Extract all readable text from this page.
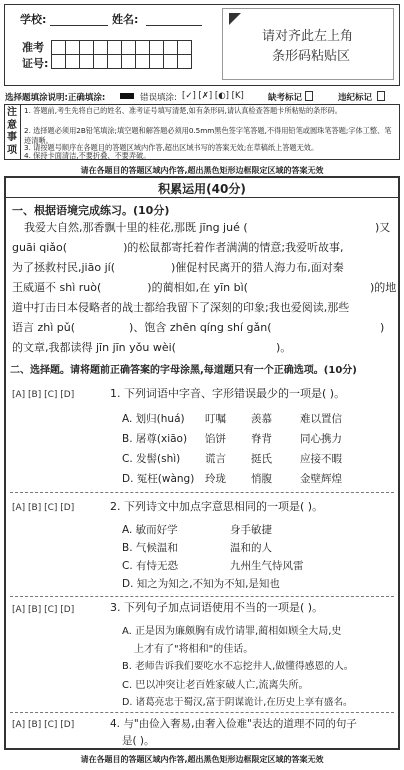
学校:	姓名:
准考
证号:
请对齐此左上角
条形码粘贴区
选择题填涂说明:正确填涂:	错误填涂: [✓] [✗] [◐] [K]	缺考标记	违纪标记
注意事项
1. 答题前,考生先将自己的姓名、准考证号填写清楚,如有条形码,请认真检查答题卡所粘贴的条形码。
2. 选择题必须用2B铅笔填涂;填空题和解答题必须用0.5mm黑色签字笔答题,不得用铅笔或圆珠笔答题;字体工整、笔迹清晰。
3. 请按题号顺序在各题目的答题区域内作答,超出区域书写的答案无效;在草稿纸上答题无效。
4. 保持卡面清洁,不要折叠、不要弄破。
请在各题目的答题区域内作答,超出黑色矩形边框限定区域的答案无效
积累运用(40分)
一、根据语境完成练习。(10分)
我爱大自然,那香飘十里的桂花,那既 jīng jué (	)又
guāi qiǎo(	)的松鼠都寄托着作者满满的情意;我爱听故事,
为了拯救村民,jiāo jí(	)催促村民离开的猎人海力布,面对秦
王威逼不 shì ruò(	)的蔺相如,在 yīn bì(	)的地
道中打击日本侵略者的战士都给我留下了深刻的印象;我也爱阅读,那些
语言 zhì pǔ(	)、饱含 zhēn qíng shí gǎn(	)
的文章,我都读得 jīn jīn yǒu wèi(	)。
二、选择题。请将题前正确答案的字母涂黑,每道题只有一个正确选项。(10分)
[A] [B] [C] [D]	1. 下列词语中字音、字形错误最少的一项是( )。
A. 划归(huá) 叮嘱 羡慕	难以置信
B. 屠尊(xiāo) 馅饼 脊背	同心携力
C. 发髻(shì) 谎言 挺氏	应接不暇
D. 冤枉(wàng) 玲珑 悄腹	金壁辉煌
[A] [B] [C] [D]	2. 下列诗文中加点字意思相同的一项是( )。
A. 敏而好学	身手敏捷
B. 气候温和	温和的人
C. 有恃无恐	九州生气恃风雷
D. 知之为知之,不知为不知,是知也
[A] [B] [C] [D]	3. 下列句子加点词语使用不当的一项是( )。
A. 正是因为廉颇胸有成竹请罪,蔺相如顾全大局,史
上才有了"将相和"的佳话。
B. 老师告诉我们要吃水不忘挖井人,做懂得感恩的人。
C. 巴以冲突让老百姓家破人亡,流离失所。
D. 诸葛亮忠于蜀汉,富于阴谋诡计,在历史上享有盛名。
[A] [B] [C] [D]	4. 与"由俭入奢易,由奢入俭难"表达的道理不同的句子
是( )。
请在各题目的答题区域内作答,超出黑色矩形边框限定区域的答案无效
